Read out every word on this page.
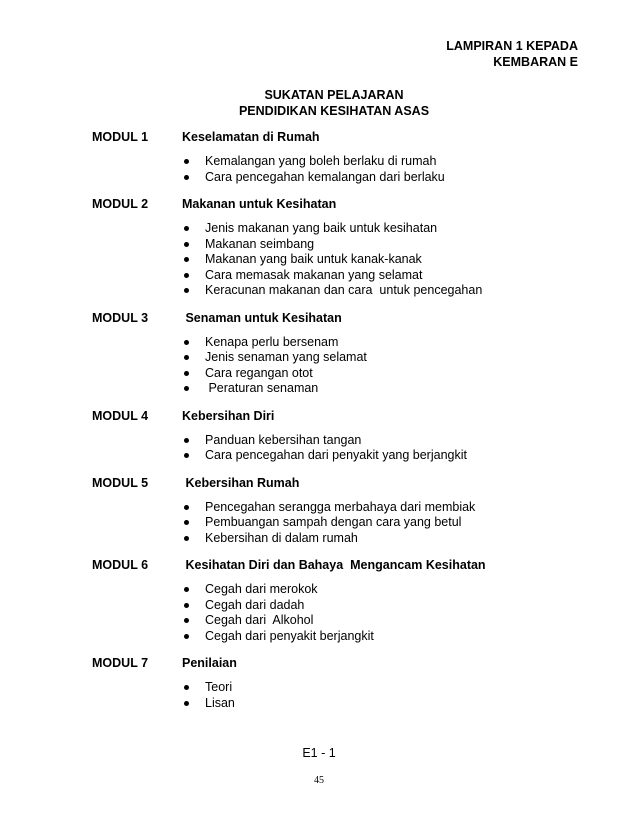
LAMPIRAN 1 KEPADA
KEMBARAN E
SUKATAN PELAJARAN
PENDIDIKAN KESIHATAN ASAS
MODUL 1	Keselamatan di Rumah
Kemalangan yang boleh berlaku di rumah
Cara pencegahan kemalangan dari berlaku
MODUL 2	Makanan untuk Kesihatan
Jenis makanan yang baik untuk kesihatan
Makanan seimbang
Makanan yang baik untuk kanak-kanak
Cara memasak makanan yang selamat
Keracunan makanan dan cara  untuk pencegahan
MODUL 3	Senaman untuk Kesihatan
Kenapa perlu bersenam
Jenis senaman yang selamat
Cara regangan otot
Peraturan senaman
MODUL 4	Kebersihan Diri
Panduan kebersihan tangan
Cara pencegahan dari penyakit yang berjangkit
MODUL 5	Kebersihan Rumah
Pencegahan serangga merbahaya dari membiak
Pembuangan sampah dengan cara yang betul
Kebersihan di dalam rumah
MODUL 6	Kesihatan Diri dan Bahaya  Mengancam Kesihatan
Cegah dari merokok
Cegah dari dadah
Cegah dari  Alkohol
Cegah dari penyakit berjangkit
MODUL 7	Penilaian
Teori
Lisan
E1 - 1
45
